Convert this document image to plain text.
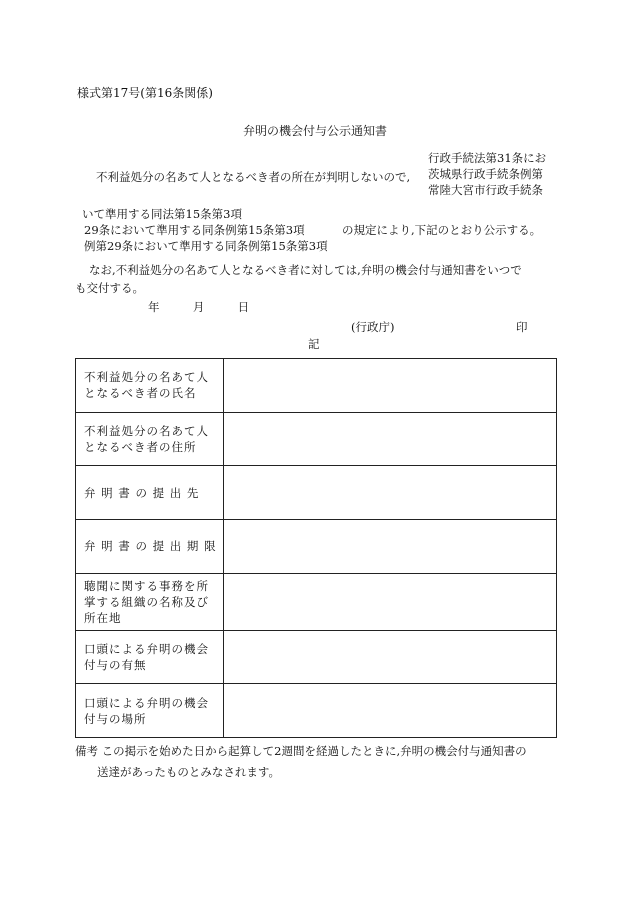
様式第17号(第16条関係)
弁明の機会付与公示通知書
行政手続法第31条にお
茨城県行政手続条例第
常陸大宮市行政手続条
不利益処分の名あて人となるべき者の所在が判明しないので,
いて準用する同法第15条第3項
29条において準用する同条例第15条第3項
例第29条において準用する同条例第15条第3項
の規定により,下記のとおり公示する。
なお,不利益処分の名あて人となるべき者に対しては,弁明の機会付与通知書をいつで
も交付する。
年	月	日
(行政庁)	印
記
不利益処分の名あて人となるべき者の氏名	
不利益処分の名あて人となるべき者の住所	
弁 明 書 の 提 出 先	
弁 明 書 の 提 出 期 限	
聴聞に関する事務を所掌する組織の名称及び所在地	
口頭による弁明の機会付与の有無	
口頭による弁明の機会付与の場所	
備考 この掲示を始めた日から起算して2週間を経過したときに,弁明の機会付与通知書の
送達があったものとみなされます。
